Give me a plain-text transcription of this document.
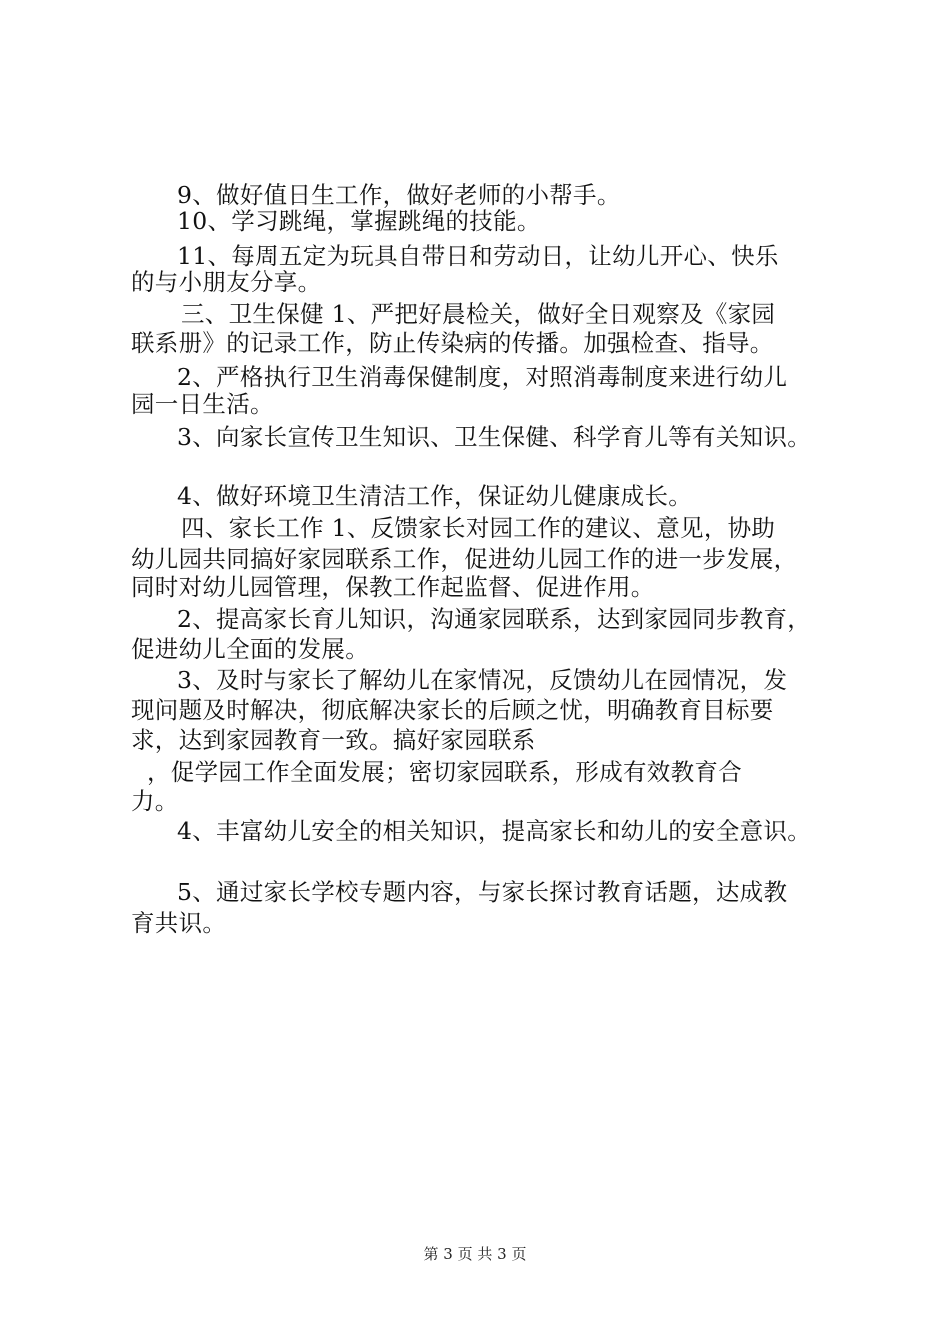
9、做好值日生工作，做好老师的小帮手。
10、学习跳绳，掌握跳绳的技能。
11、每周五定为玩具自带日和劳动日，让幼儿开心、快乐
的与小朋友分享。
三、卫生保健 1、严把好晨检关，做好全日观察及《家园
联系册》的记录工作，防止传染病的传播。加强检查、指导。
2、严格执行卫生消毒保健制度，对照消毒制度来进行幼儿
园一日生活。
3、向家长宣传卫生知识、卫生保健、科学育儿等有关知识。
4、做好环境卫生清洁工作，保证幼儿健康成长。
四、家长工作 1、反馈家长对园工作的建议、意见，协助
幼儿园共同搞好家园联系工作，促进幼儿园工作的进一步发展，
同时对幼儿园管理，保教工作起监督、促进作用。
2、提高家长育儿知识，沟通家园联系，达到家园同步教育，
促进幼儿全面的发展。
3、及时与家长了解幼儿在家情况，反馈幼儿在园情况，发
现问题及时解决，彻底解决家长的后顾之忧，明确教育目标要
求，达到家园教育一致。搞好家园联系
，促学园工作全面发展；密切家园联系，形成有效教育合
力。
4、丰富幼儿安全的相关知识，提高家长和幼儿的安全意识。
5、通过家长学校专题内容，与家长探讨教育话题，达成教
育共识。
第 3 页 共 3 页
